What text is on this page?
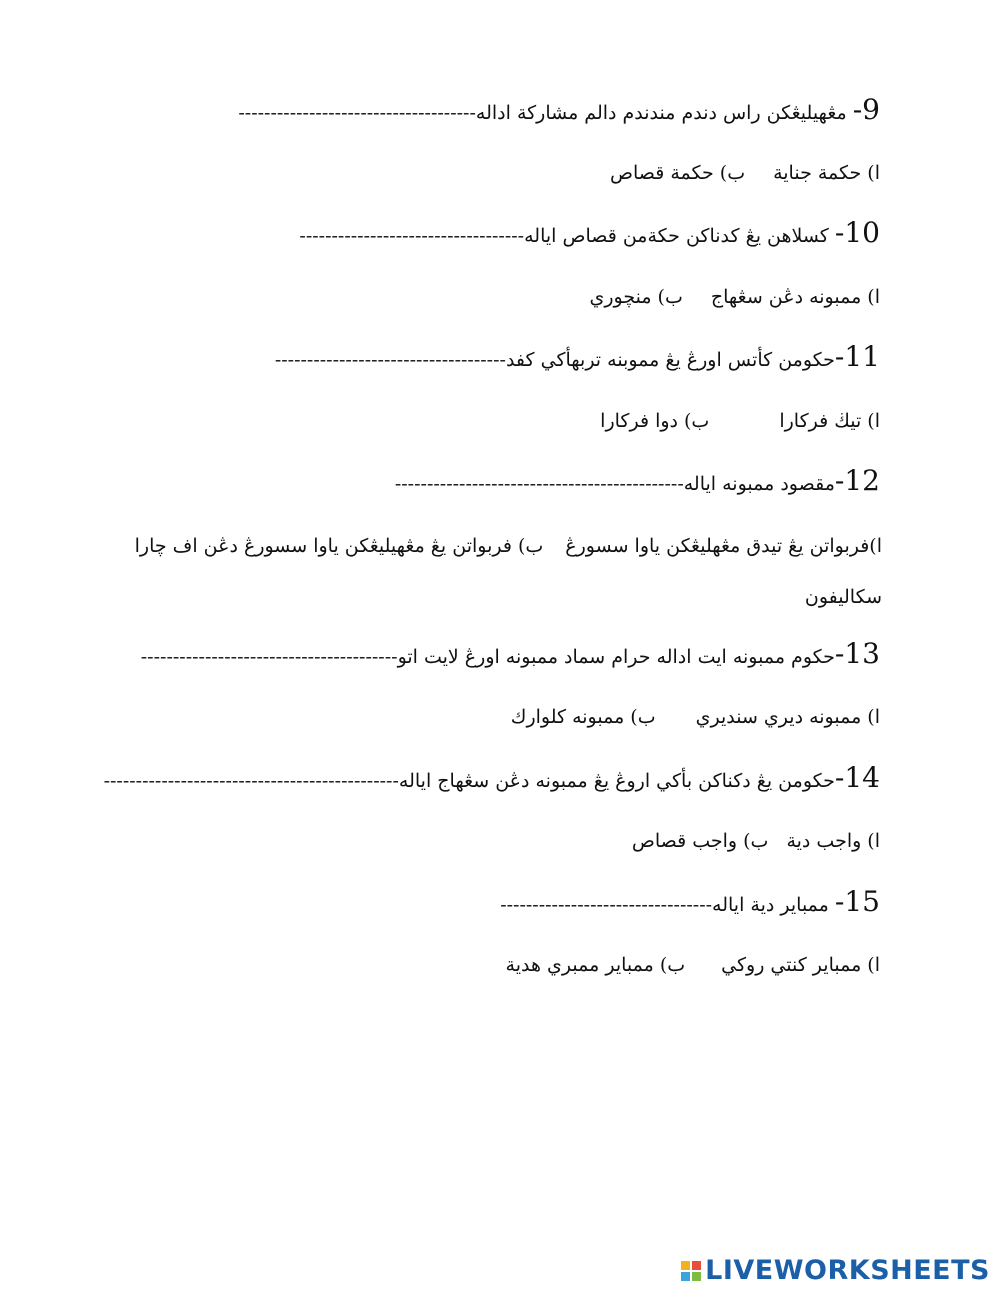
9- مڠهيليڠكن راس دندم مندندم دالم مشاركة اداله-------------------------------------
ا) حكمة جنايةب) حكمة قصاص
10- كسلاهن يڠ كدناكن حكةمن قصاص اياله-----------------------------------
ا) ممبونه دڠن سڠهاجب) منچوري
11-حكومن كأتس اورڠ يڠ مموبنه تربهأكي كفد------------------------------------
ا) تيڬ فركاراب) دوا فركارا
12-مقصود ممبونه اياله---------------------------------------------
ا)فربواتن يڠ تيدق مڠهليڠكن ياوا سسورڠب) فربواتن يڠ مڠهيليڠكن ياوا سسورڠ دڠن اف چارا
سكاليفون
13-حكوم ممبونه ايت اداله حرام سماد ممبونه اورڠ لايت اتو----------------------------------------
ا) ممبونه ديري سنديريب) ممبونه كلوارك
14-حكومن يڠ دكناكن بأكي اروڠ يڠ ممبونه دڠن سڠهاج اياله----------------------------------------------
ا) واجب ديةب) واجب قصاص
15- ممباير دية اياله---------------------------------
ا) ممباير كنتي روكيب) ممباير ممبري هدية
LIVEWORKSHEETS
